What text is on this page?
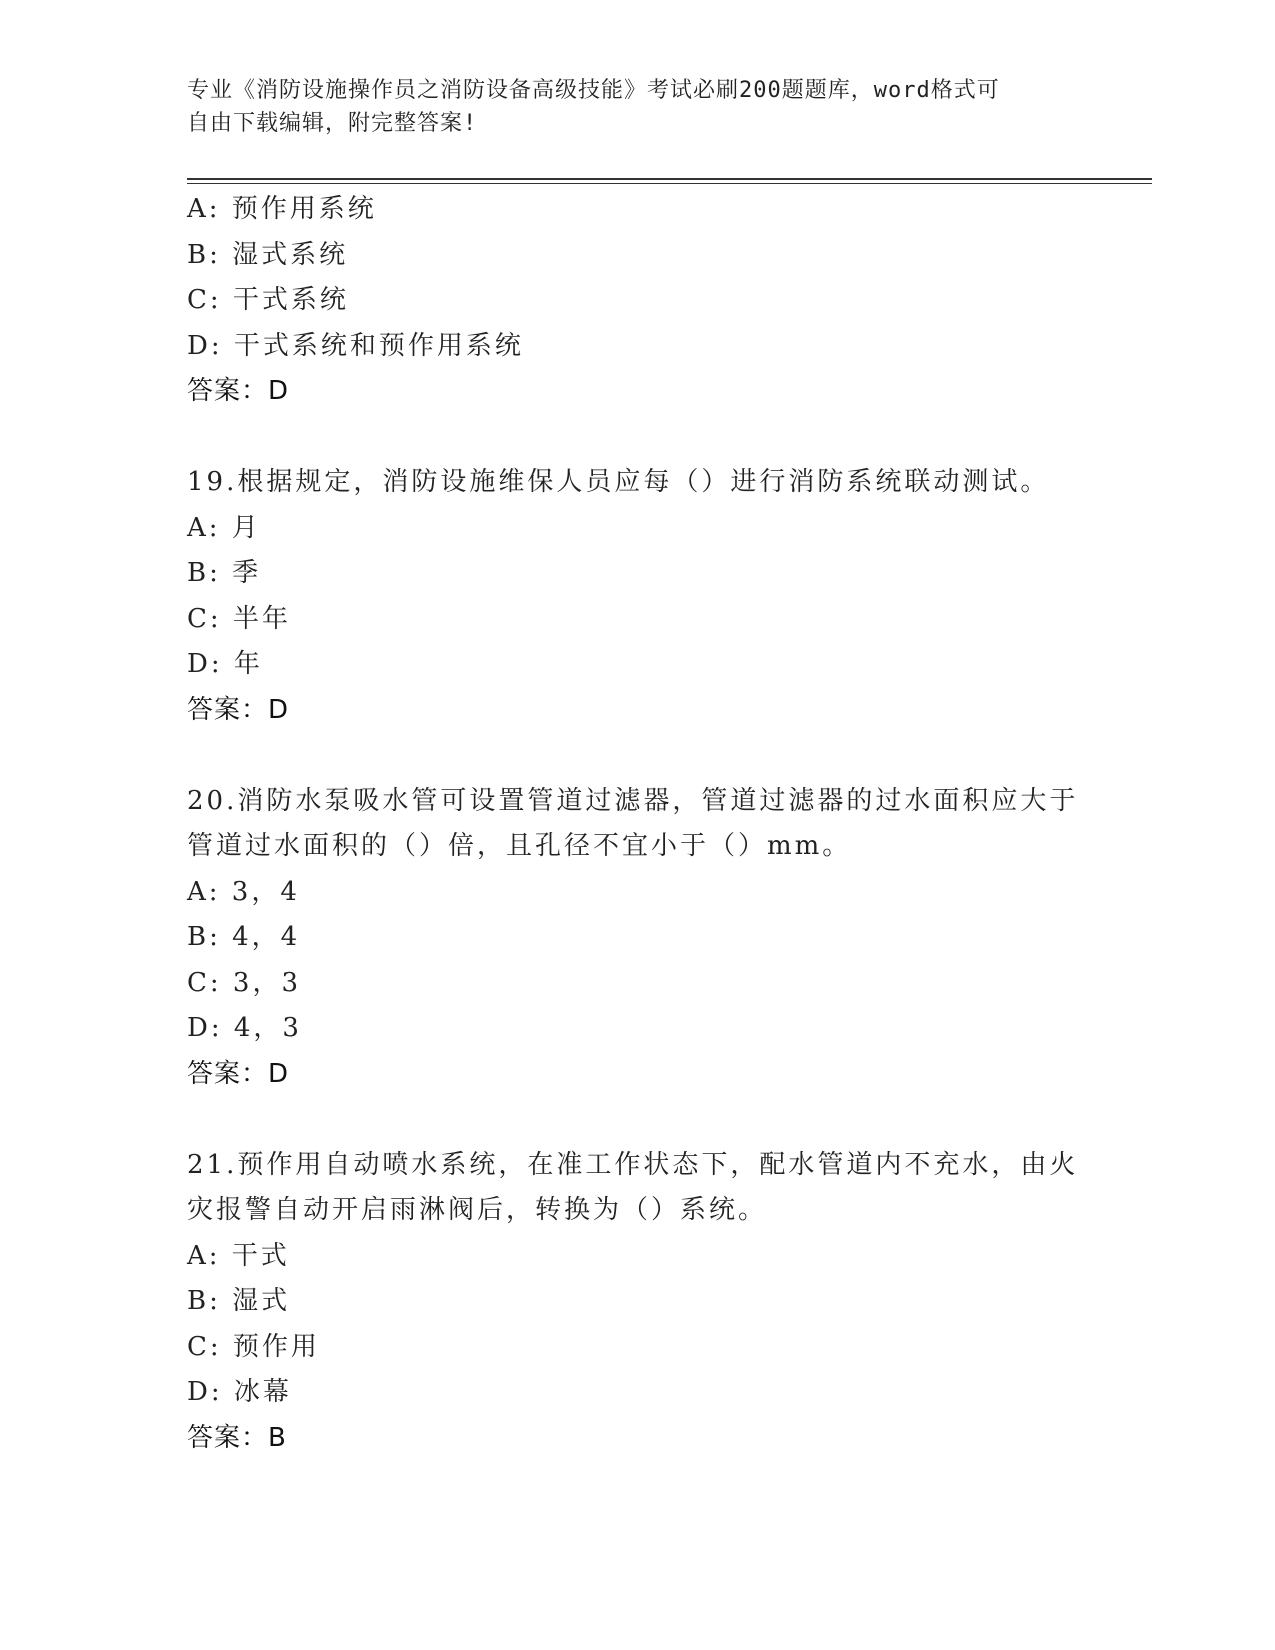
专业《消防设施操作员之消防设备高级技能》考试必刷200题题库，word格式可
自由下载编辑，附完整答案!
A: 预作用系统
B: 湿式系统
C: 干式系统
D: 干式系统和预作用系统
答案：D
19.根据规定，消防设施维保人员应每（）进行消防系统联动测试。
A: 月
B: 季
C: 半年
D: 年
答案：D
20.消防水泵吸水管可设置管道过滤器，管道过滤器的过水面积应大于
管道过水面积的（）倍，且孔径不宜小于（）mm。
A: 3，4
B: 4，4
C: 3，3
D: 4，3
答案：D
21.预作用自动喷水系统，在准工作状态下，配水管道内不充水，由火
灾报警自动开启雨淋阀后，转换为（）系统。
A: 干式
B: 湿式
C: 预作用
D: 冰幕
答案：B
